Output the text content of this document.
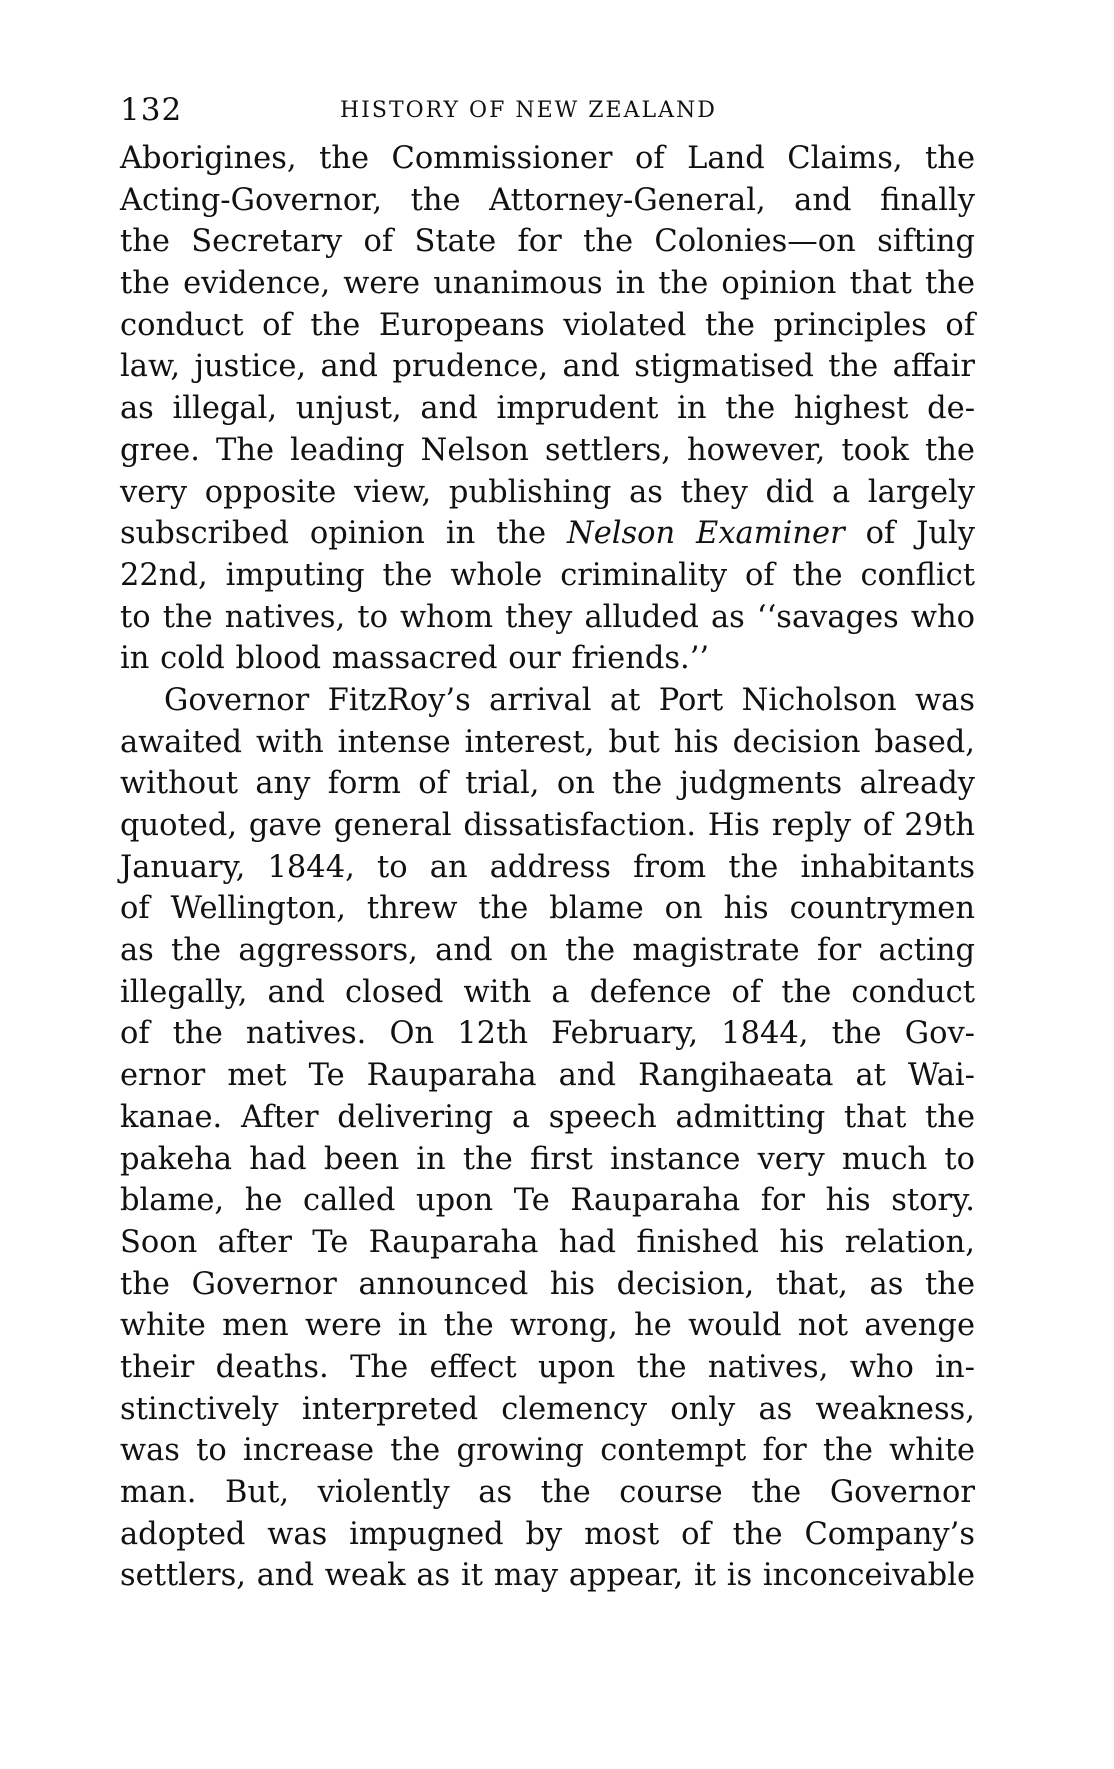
132	HISTORY OF NEW ZEALAND
Aborigines, the Commissioner of Land Claims, the
Acting-Governor, the Attorney-General, and finally
the Secretary of State for the Colonies—on sifting
the evidence, were unanimous in the opinion that the
conduct of the Europeans violated the principles of
law, justice, and prudence, and stigmatised the affair
as illegal, unjust, and imprudent in the highest de-
gree. The leading Nelson settlers, however, took the
very opposite view, publishing as they did a largely
subscribed opinion in the Nelson Examiner of July
22nd, imputing the whole criminality of the conflict
to the natives, to whom they alluded as ‘‘savages who
in cold blood massacred our friends.’’
Governor FitzRoy’s arrival at Port Nicholson was
awaited with intense interest, but his decision based,
without any form of trial, on the judgments already
quoted, gave general dissatisfaction. His reply of 29th
January, 1844, to an address from the inhabitants
of Wellington, threw the blame on his countrymen
as the aggressors, and on the magistrate for acting
illegally, and closed with a defence of the conduct
of the natives. On 12th February, 1844, the Gov-
ernor met Te Rauparaha and Rangihaeata at Wai-
kanae. After delivering a speech admitting that the
pakeha had been in the first instance very much to
blame, he called upon Te Rauparaha for his story.
Soon after Te Rauparaha had finished his relation,
the Governor announced his decision, that, as the
white men were in the wrong, he would not avenge
their deaths. The effect upon the natives, who in-
stinctively interpreted clemency only as weakness,
was to increase the growing contempt for the white
man. But, violently as the course the Governor
adopted was impugned by most of the Company’s
settlers, and weak as it may appear, it is inconceivable
